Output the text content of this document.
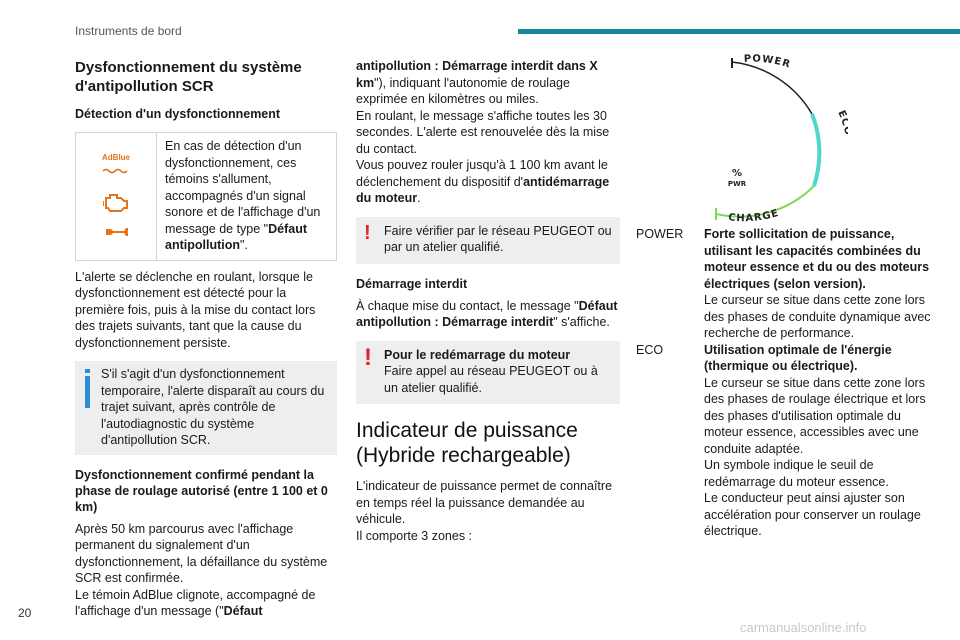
Instruments de bord
Dysfonctionnement du système d'antipollution SCR
Détection d'un dysfonctionnement
AdBlue
En cas de détection d'un dysfonctionnement, ces témoins s'allument, accompagnés d'un signal sonore et de l'affichage d'un message de type "Défaut antipollution".

L'alerte se déclenche en roulant, lorsque le dysfonctionnement est détecté pour la première fois, puis à la mise du contact lors des trajets suivants, tant que la cause du dysfonctionnement persiste.

S'il s'agit d'un dysfonctionnement temporaire, l'alerte disparaît au cours du trajet suivant, après contrôle de l'autodiagnostic du système d'antipollution SCR.
Dysfonctionnement confirmé pendant la phase de roulage autorisé (entre 1 100 et 0 km)

Après 50 km parcourus avec l'affichage permanent du signalement d'un dysfonctionnement, la défaillance du système SCR est confirmée.
Le témoin AdBlue clignote, accompagné de l'affichage d'un message ("Défaut

antipollution : Démarrage interdit dans X km"), indiquant l'autonomie de roulage exprimée en kilomètres ou miles.

En roulant, le message s'affiche toutes les 30 secondes. L'alerte est renouvelée dès la mise du contact.

Vous pouvez rouler jusqu'à 1 100 km avant le déclenchement du dispositif d'antidémarrage du moteur.

!	Faire vérifier par le réseau PEUGEOT ou par un atelier qualifié.
Démarrage interdit

À chaque mise du contact, le message "Défaut antipollution : Démarrage interdit" s'affiche.

! Pour le redémarrage du moteur
Faire appel au réseau PEUGEOT ou à un atelier qualifié.
Indicateur de puissance (Hybride rechargeable)

L'indicateur de puissance permet de connaître en temps réel la puissance demandée au véhicule.
Il comporte 3 zones :

POWER
E
CHARGE
%
PWR
POWER	Forte sollicitation de puissance, utilisant les capacités combinées du moteur essence et du ou des moteurs électriques (selon version).
Le curseur se situe dans cette zone lors des phases de conduite dynamique avec recherche de performance.
ECO	Utilisation optimale de l'énergie (thermique ou électrique).
Le curseur se situe dans cette zone lors des phases de roulage électrique et lors des phases d'utilisation optimale du moteur essence, accessibles avec une conduite adaptée.
Un symbole indique le seuil de redémarrage du moteur essence.
Le conducteur peut ainsi ajuster son accélération pour conserver un roulage électrique.
20
carmanualsonline.info
